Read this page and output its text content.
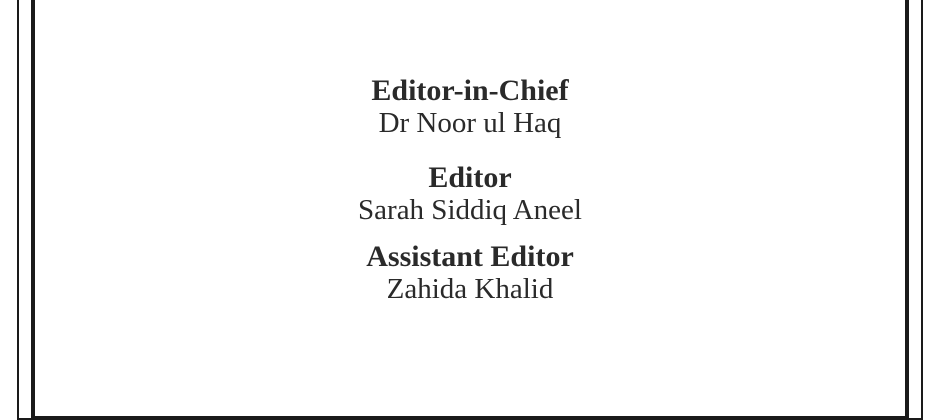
Editor-in-Chief
Dr Noor ul Haq
Editor
Sarah Siddiq Aneel
Assistant Editor
Zahida Khalid
